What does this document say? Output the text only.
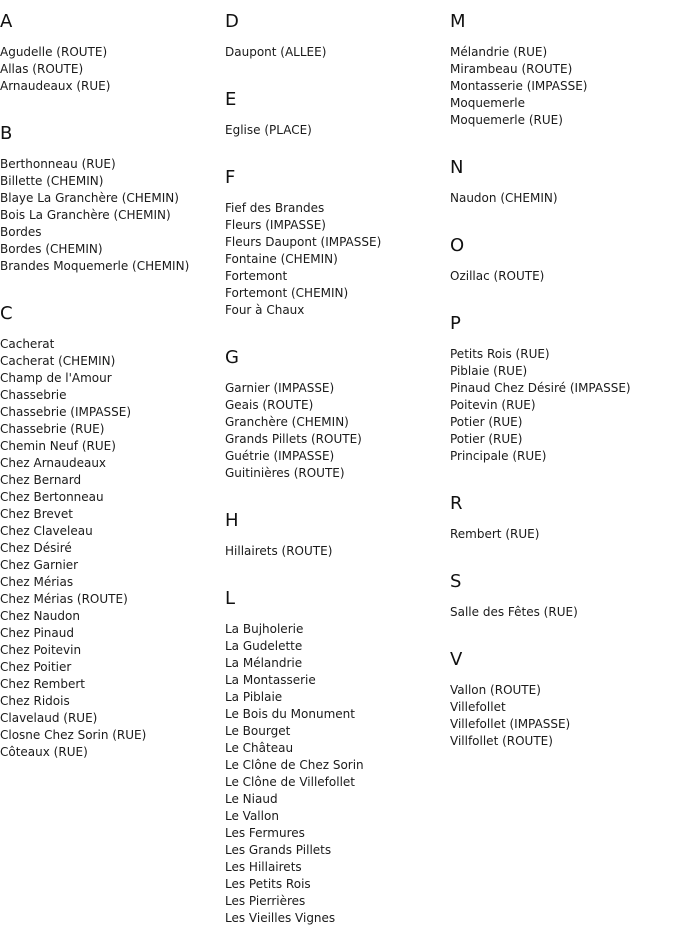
A
Agudelle (ROUTE)
Allas (ROUTE)
Arnaudeaux (RUE)
B
Berthonneau (RUE)
Billette (CHEMIN)
Blaye La Granchère (CHEMIN)
Bois La Granchère (CHEMIN)
Bordes
Bordes (CHEMIN)
Brandes Moquemerle (CHEMIN)
C
Cacherat
Cacherat (CHEMIN)
Champ de l'Amour
Chassebrie
Chassebrie (IMPASSE)
Chassebrie (RUE)
Chemin Neuf (RUE)
Chez Arnaudeaux
Chez Bernard
Chez Bertonneau
Chez Brevet
Chez Claveleau
Chez Désiré
Chez Garnier
Chez Mérias
Chez Mérias (ROUTE)
Chez Naudon
Chez Pinaud
Chez Poitevin
Chez Poitier
Chez Rembert
Chez Ridois
Clavelaud (RUE)
Closne Chez Sorin (RUE)
Côteaux (RUE)
D
Daupont (ALLEE)
E
Eglise (PLACE)
F
Fief des Brandes
Fleurs (IMPASSE)
Fleurs Daupont (IMPASSE)
Fontaine (CHEMIN)
Fortemont
Fortemont (CHEMIN)
Four à Chaux
G
Garnier (IMPASSE)
Geais (ROUTE)
Granchère (CHEMIN)
Grands Pillets (ROUTE)
Guétrie (IMPASSE)
Guitinières (ROUTE)
H
Hillairets (ROUTE)
L
La Bujholerie
La Gudelette
La Mélandrie
La Montasserie
La Piblaie
Le Bois du Monument
Le Bourget
Le Château
Le Clône de Chez Sorin
Le Clône de Villefollet
Le Niaud
Le Vallon
Les Fermures
Les Grands Pillets
Les Hillairets
Les Petits Rois
Les Pierrières
Les Vieilles Vignes
M
Mélandrie (RUE)
Mirambeau (ROUTE)
Montasserie (IMPASSE)
Moquemerle
Moquemerle (RUE)
N
Naudon (CHEMIN)
O
Ozillac (ROUTE)
P
Petits Rois (RUE)
Piblaie (RUE)
Pinaud Chez Désiré (IMPASSE)
Poitevin (RUE)
Potier (RUE)
Potier (RUE)
Principale (RUE)
R
Rembert (RUE)
S
Salle des Fêtes (RUE)
V
Vallon (ROUTE)
Villefollet
Villefollet (IMPASSE)
Villfollet (ROUTE)
